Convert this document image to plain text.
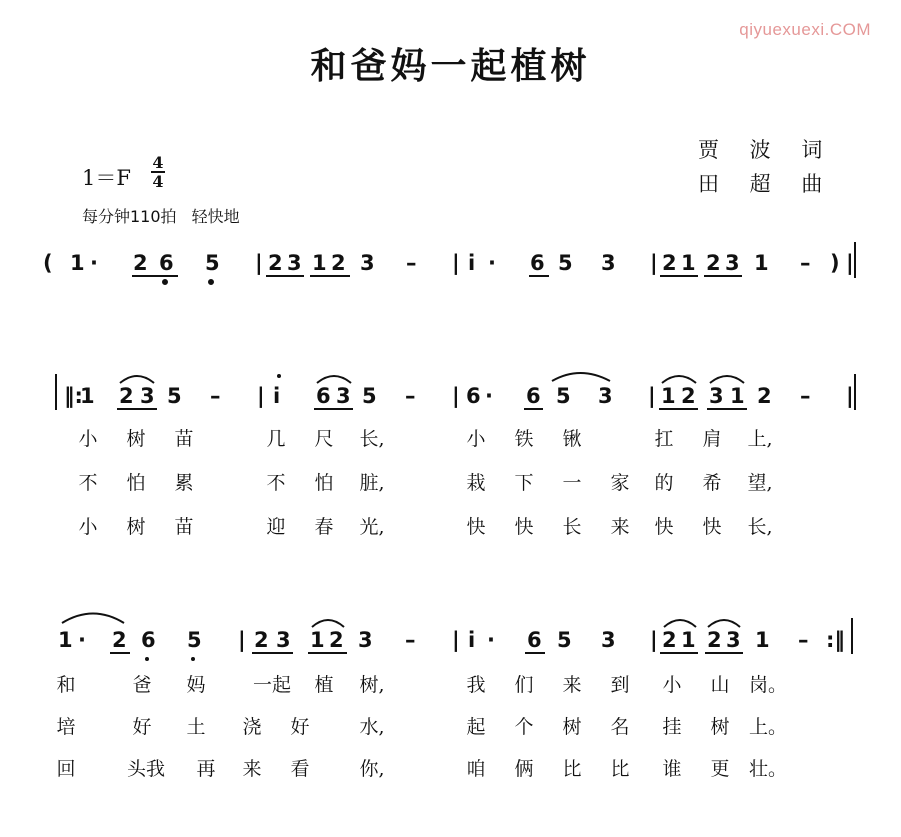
qiyuexuexi.COM
和爸妈一起植树
贾 波 词
田 超 曲
1＝F
4
4
每分钟110拍 轻快地
( 1 · 2 6 5 | 2 3 1 2 3 – | i · 6 5 3 | 2 1 2 3 1 – ) |
‖:
1 2 3 5 – | i 6 3 5 – | 6 · 6 5 3 | 1 2 3 1 2 – |
1 · 2 6 5 | 2 3 1 2 3 – | i · 6 5 3 | 2 1 2 3 1 – :‖
小 树 苗	几 尺 长,	小 铁 锹	扛 肩 上,
不 怕 累	不 怕 脏,	栽 下 一 家 的 希 望,
小 树 苗	迎 春 光,	快 快 长 来 快 快 长,
和	爸 妈 一起 植 树,	我 们 来 到 小 山 岗。
培	好 土 浇 好	水,	起 个 树 名 挂 树 上。
回	头我 再 来 看	你,	咱 俩 比 比 谁 更 壮。
